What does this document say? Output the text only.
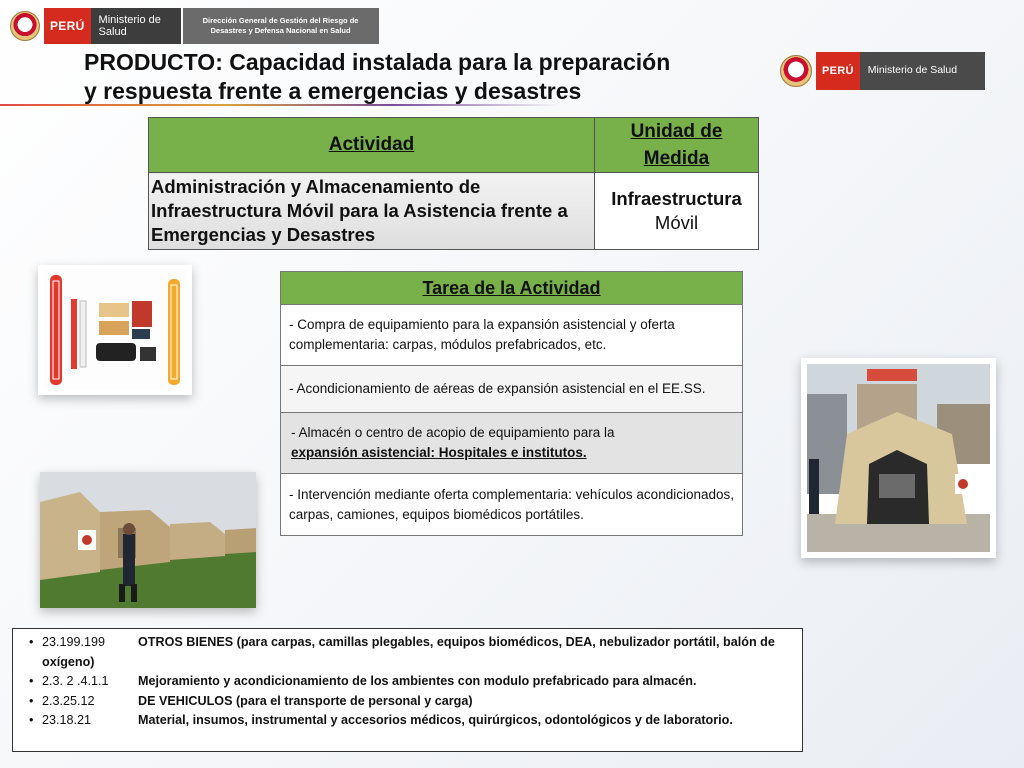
PERÚ	Ministerio de Salud
Dirección General de Gestión del Riesgo de Desastres y Defensa Nacional en Salud
PRODUCTO: Capacidad instalada para la preparación
y respuesta frente a emergencias y desastres
PERÚ	Ministerio de Salud
Actividad	Unidad de Medida
Administración y Almacenamiento de Infraestructura Móvil para la Asistencia frente a Emergencias y Desastres	Infraestructura
Móvil
Tarea de la Actividad
- Compra de equipamiento para la expansión asistencial y oferta complementaria: carpas, módulos prefabricados, etc.
- Acondicionamiento de aéreas de expansión asistencial en el EE.SS.

- Almacén o centro de acopio de equipamiento para la
expansión asistencial: Hospitales e institutos.

- Intervención mediante oferta complementaria: vehículos acondicionados, carpas, camiones, equipos biomédicos portátiles.
• 23.199.199	OTROS BIENES (para carpas, camillas plegables, equipos biomédicos, DEA, nebulizador portátil, balón de oxígeno)
• 2.3. 2 .4.1.1 Mejoramiento y acondicionamiento de los ambientes con modulo prefabricado para almacén.
• 2.3.25.12	DE VEHICULOS (para el transporte de personal y carga)
• 23.18.21	Material, insumos, instrumental y accesorios médicos, quirúrgicos, odontológicos y de laboratorio.
